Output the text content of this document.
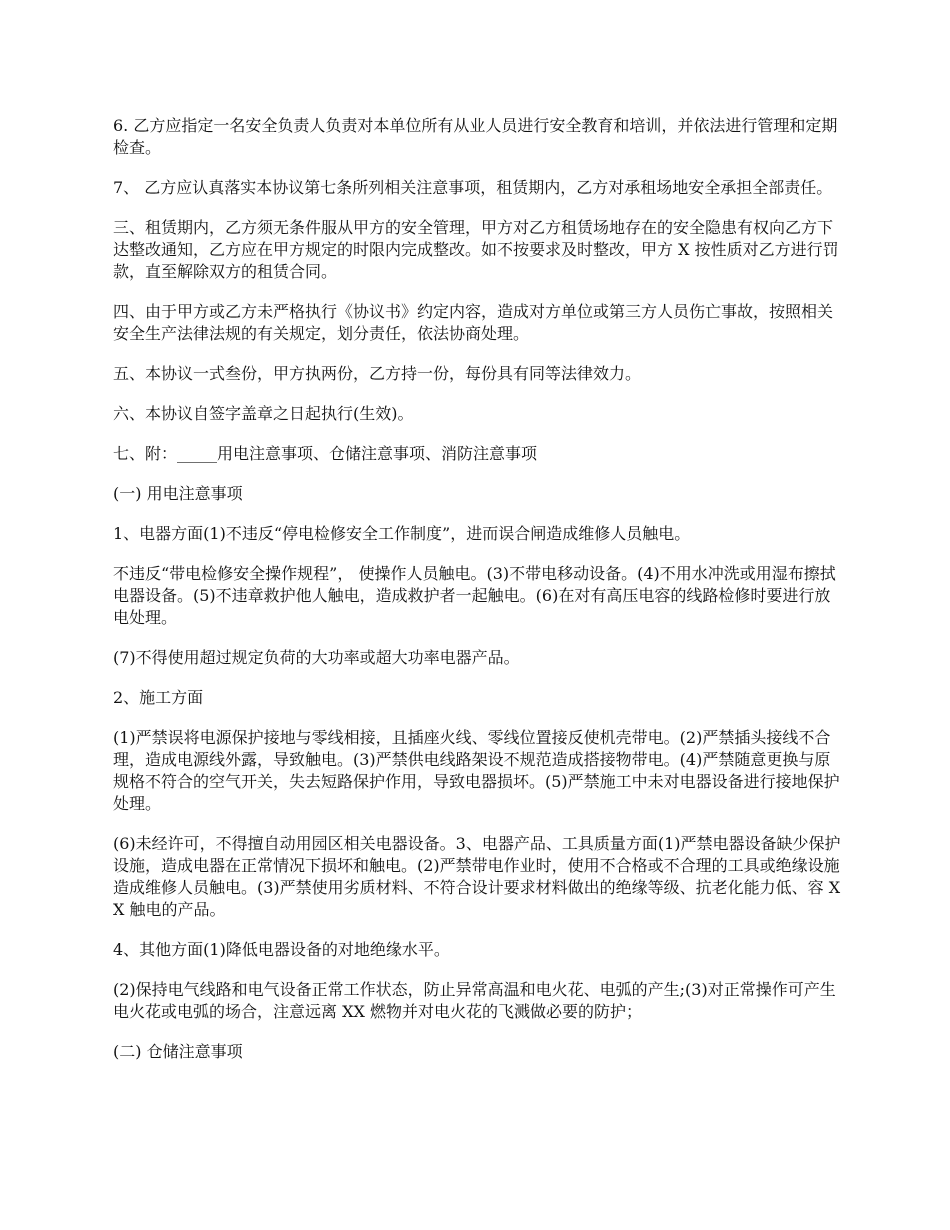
6. 乙方应指定一名安全负责人负责对本单位所有从业人员进行安全教育和培训，并依法进行管理和定期检查。

7、 乙方应认真落实本协议第七条所列相关注意事项，租赁期内，乙方对承租场地安全承担全部责任。

三、租赁期内，乙方须无条件服从甲方的安全管理，甲方对乙方租赁场地存在的安全隐患有权向乙方下达整改通知，乙方应在甲方规定的时限内完成整改。如不按要求及时整改，甲方 X 按性质对乙方进行罚款，直至解除双方的租赁合同。

四、由于甲方或乙方未严格执行《协议书》约定内容，造成对方单位或第三方人员伤亡事故，按照相关安全生产法律法规的有关规定，划分责任，依法协商处理。

五、本协议一式叁份，甲方执两份，乙方持一份，每份具有同等法律效力。

六、本协议自签字盖章之日起执行(生效)。

七、附：_____用电注意事项、仓储注意事项、消防注意事项

(一) 用电注意事项

1、电器方面(1)不违反“停电检修安全工作制度”，进而误合闸造成维修人员触电。

不违反“带电检修安全操作规程”， 使操作人员触电。(3)不带电移动设备。(4)不用水冲洗或用湿布擦拭电器设备。(5)不违章救护他人触电，造成救护者一起触电。(6)在对有高压电容的线路检修时要进行放电处理。

(7)不得使用超过规定负荷的大功率或超大功率电器产品。

2、施工方面

(1)严禁误将电源保护接地与零线相接，且插座火线、零线位置接反使机壳带电。(2)严禁插头接线不合理，造成电源线外露，导致触电。(3)严禁供电线路架设不规范造成搭接物带电。(4)严禁随意更换与原规格不符合的空气开关，失去短路保护作用，导致电器损坏。(5)严禁施工中未对电器设备进行接地保护处理。

(6)未经许可，不得擅自动用园区相关电器设备。3、电器产品、工具质量方面(1)严禁电器设备缺少保护设施，造成电器在正常情况下损坏和触电。(2)严禁带电作业时，使用不合格或不合理的工具或绝缘设施造成维修人员触电。(3)严禁使用劣质材料、不符合设计要求材料做出的绝缘等级、抗老化能力低、容 XX 触电的产品。

4、其他方面(1)降低电器设备的对地绝缘水平。

(2)保持电气线路和电气设备正常工作状态，防止异常高温和电火花、电弧的产生;(3)对正常操作可产生电火花或电弧的场合，注意远离 XX 燃物并对电火花的飞溅做必要的防护；

(二) 仓储注意事项
